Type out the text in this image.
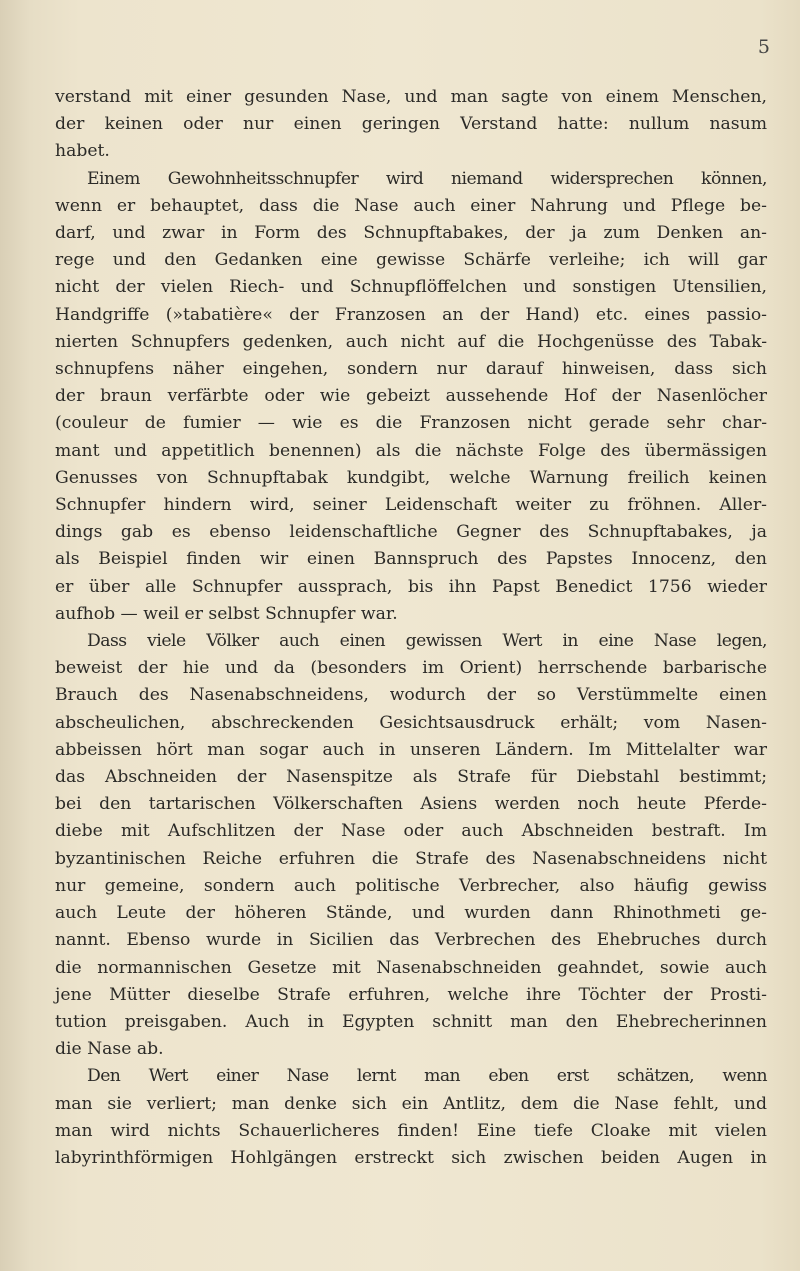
5
verstand mit einer gesunden Nase, und man sagte von einem Menschen,
der keinen oder nur einen geringen Verstand hatte: nullum nasum
habet.
Einem Gewohnheitsschnupfer wird niemand widersprechen können,
wenn er behauptet, dass die Nase auch einer Nahrung und Pflege be-
darf, und zwar in Form des Schnupftabakes, der ja zum Denken an-
rege und den Gedanken eine gewisse Schärfe verleihe; ich will gar
nicht der vielen Riech- und Schnupflöffelchen und sonstigen Utensilien,
Handgriffe (»tabatière« der Franzosen an der Hand) etc. eines passio-
nierten Schnupfers gedenken, auch nicht auf die Hochgenüsse des Tabak-
schnupfens näher eingehen, sondern nur darauf hinweisen, dass sich
der braun verfärbte oder wie gebeizt aussehende Hof der Nasenlöcher
(couleur de fumier — wie es die Franzosen nicht gerade sehr char-
mant und appetitlich benennen) als die nächste Folge des übermässigen
Genusses von Schnupftabak kundgibt, welche Warnung freilich keinen
Schnupfer hindern wird, seiner Leidenschaft weiter zu fröhnen. Aller-
dings gab es ebenso leidenschaftliche Gegner des Schnupftabakes, ja
als Beispiel finden wir einen Bannspruch des Papstes Innocenz, den
er über alle Schnupfer aussprach, bis ihn Papst Benedict 1756 wieder
aufhob — weil er selbst Schnupfer war.
Dass viele Völker auch einen gewissen Wert in eine Nase legen,
beweist der hie und da (besonders im Orient) herrschende barbarische
Brauch des Nasenabschneidens, wodurch der so Verstümmelte einen
abscheulichen, abschreckenden Gesichtsausdruck erhält; vom Nasen-
abbeissen hört man sogar auch in unseren Ländern. Im Mittelalter war
das Abschneiden der Nasenspitze als Strafe für Diebstahl bestimmt;
bei den tartarischen Völkerschaften Asiens werden noch heute Pferde-
diebe mit Aufschlitzen der Nase oder auch Abschneiden bestraft. Im
byzantinischen Reiche erfuhren die Strafe des Nasenabschneidens nicht
nur gemeine, sondern auch politische Verbrecher, also häufig gewiss
auch Leute der höheren Stände, und wurden dann Rhinothmeti ge-
nannt. Ebenso wurde in Sicilien das Verbrechen des Ehebruches durch
die normannischen Gesetze mit Nasenabschneiden geahndet, sowie auch
jene Mütter dieselbe Strafe erfuhren, welche ihre Töchter der Prosti-
tution preisgaben. Auch in Egypten schnitt man den Ehebrecherinnen
die Nase ab.
Den Wert einer Nase lernt man eben erst schätzen, wenn
man sie verliert; man denke sich ein Antlitz, dem die Nase fehlt, und
man wird nichts Schauerlicheres finden! Eine tiefe Cloake mit vielen
labyrinthförmigen Hohlgängen erstreckt sich zwischen beiden Augen in
